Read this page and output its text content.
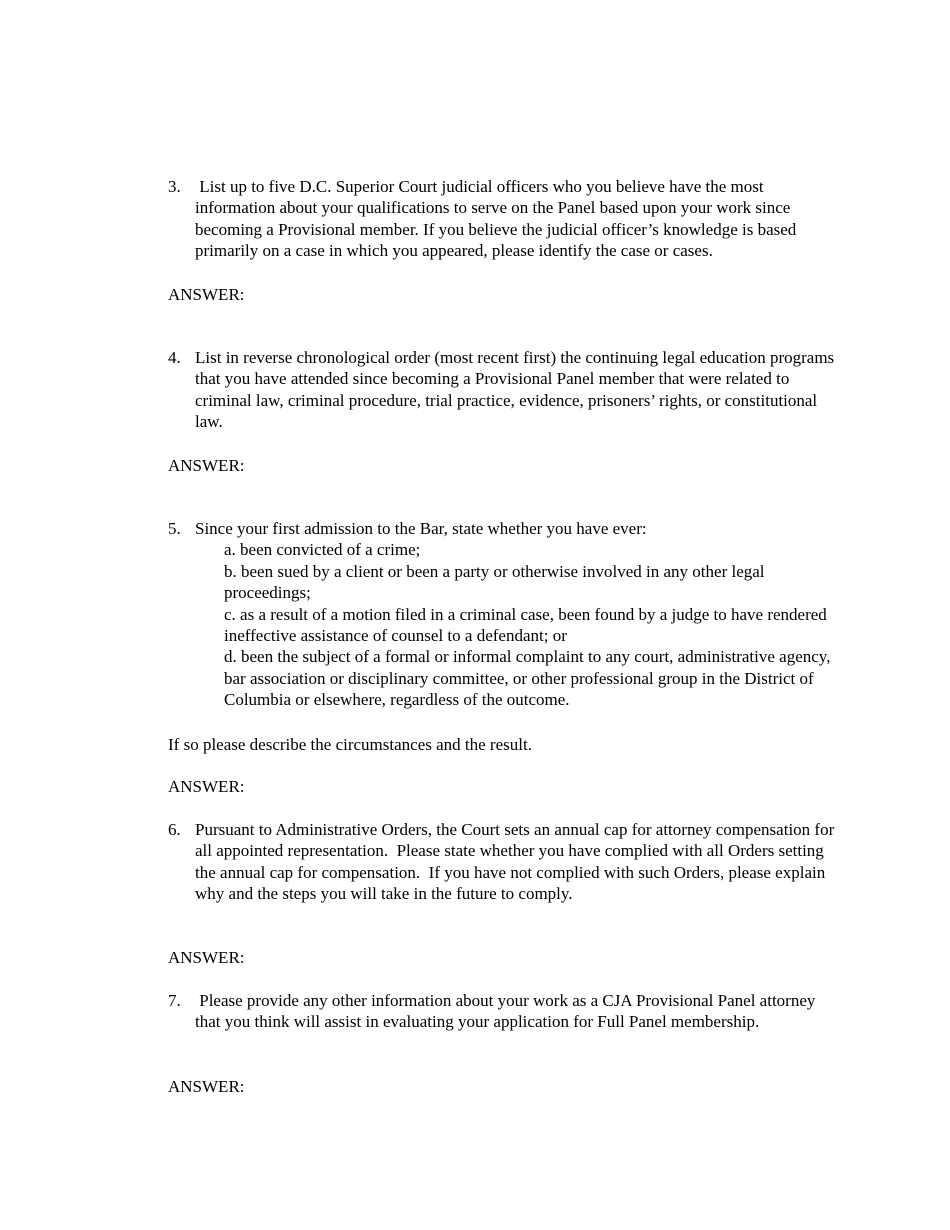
3. List up to five D.C. Superior Court judicial officers who you believe have the most information about your qualifications to serve on the Panel based upon your work since becoming a Provisional member. If you believe the judicial officer’s knowledge is based primarily on a case in which you appeared, please identify the case or cases.
ANSWER:
4. List in reverse chronological order (most recent first) the continuing legal education programs that you have attended since becoming a Provisional Panel member that were related to criminal law, criminal procedure, trial practice, evidence, prisoners’ rights, or constitutional law.
ANSWER:
5. Since your first admission to the Bar, state whether you have ever:
a. been convicted of a crime;
b. been sued by a client or been a party or otherwise involved in any other legal proceedings;
c. as a result of a motion filed in a criminal case, been found by a judge to have rendered ineffective assistance of counsel to a defendant; or
d. been the subject of a formal or informal complaint to any court, administrative agency, bar association or disciplinary committee, or other professional group in the District of Columbia or elsewhere, regardless of the outcome.
If so please describe the circumstances and the result.
ANSWER:
6. Pursuant to Administrative Orders, the Court sets an annual cap for attorney compensation for all appointed representation.  Please state whether you have complied with all Orders setting the annual cap for compensation.  If you have not complied with such Orders, please explain why and the steps you will take in the future to comply.
ANSWER:
7. Please provide any other information about your work as a CJA Provisional Panel attorney that you think will assist in evaluating your application for Full Panel membership.
ANSWER:
